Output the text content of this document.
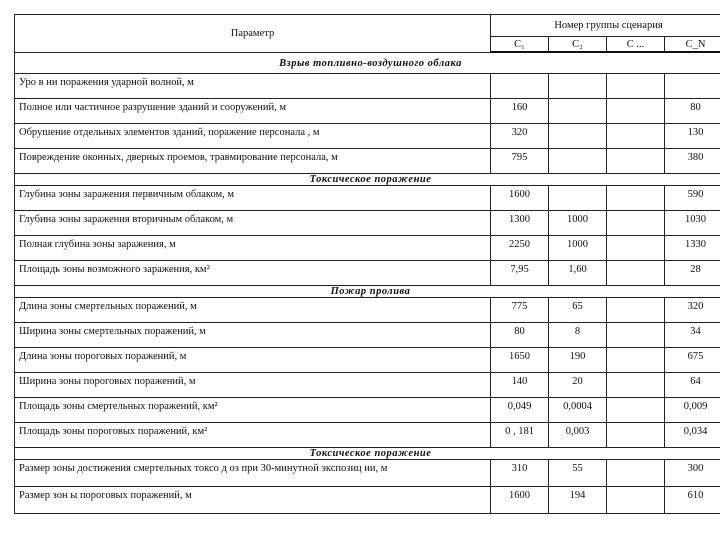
Параметр	Номер группы сценария			
	C₁	C₂	C ...	C_N
Взрыв топливно-воздушного облака				
Уро в ни поражения ударной волной, м				
Полное или частичное разрушение зданий и сооружений, м	160			80
Обрушение отдельных элементов зданий, поражение персонала , м	320			130
Повреждение оконных, дверных проемов, травмирование персонала, м	795			380
Токсическое поражение				
Глубина зоны заражения первичным облаком, м	1600			590
Глубина зоны заражения вторичным облаком, м	1300	1000		1030
Полная глубина зоны заражения, м	2250	1000		1330
Площадь зоны возможного заражения, км²	7,95	1,60		28
Пожар пролива				
Длина зоны смертельных поражений, м	775	65		320
Ширина зоны смертельных поражений, м	80	8		34
Длина зоны пороговых поражений, м	1650	190		675
Ширина зоны пороговых поражений, м	140	20		64
Площадь зоны смертельных поражений, км²	0,049	0,0004		0,009
Площадь зоны пороговых поражений, км²	0 , 181	0,003		0,034
Токсическое поражение				
Размер зоны достижения смертельных токсо д оз при 30-минутной экспозиц ии, м	310	55		300
Размер зон ы пороговых поражений, м	1600	194		610
